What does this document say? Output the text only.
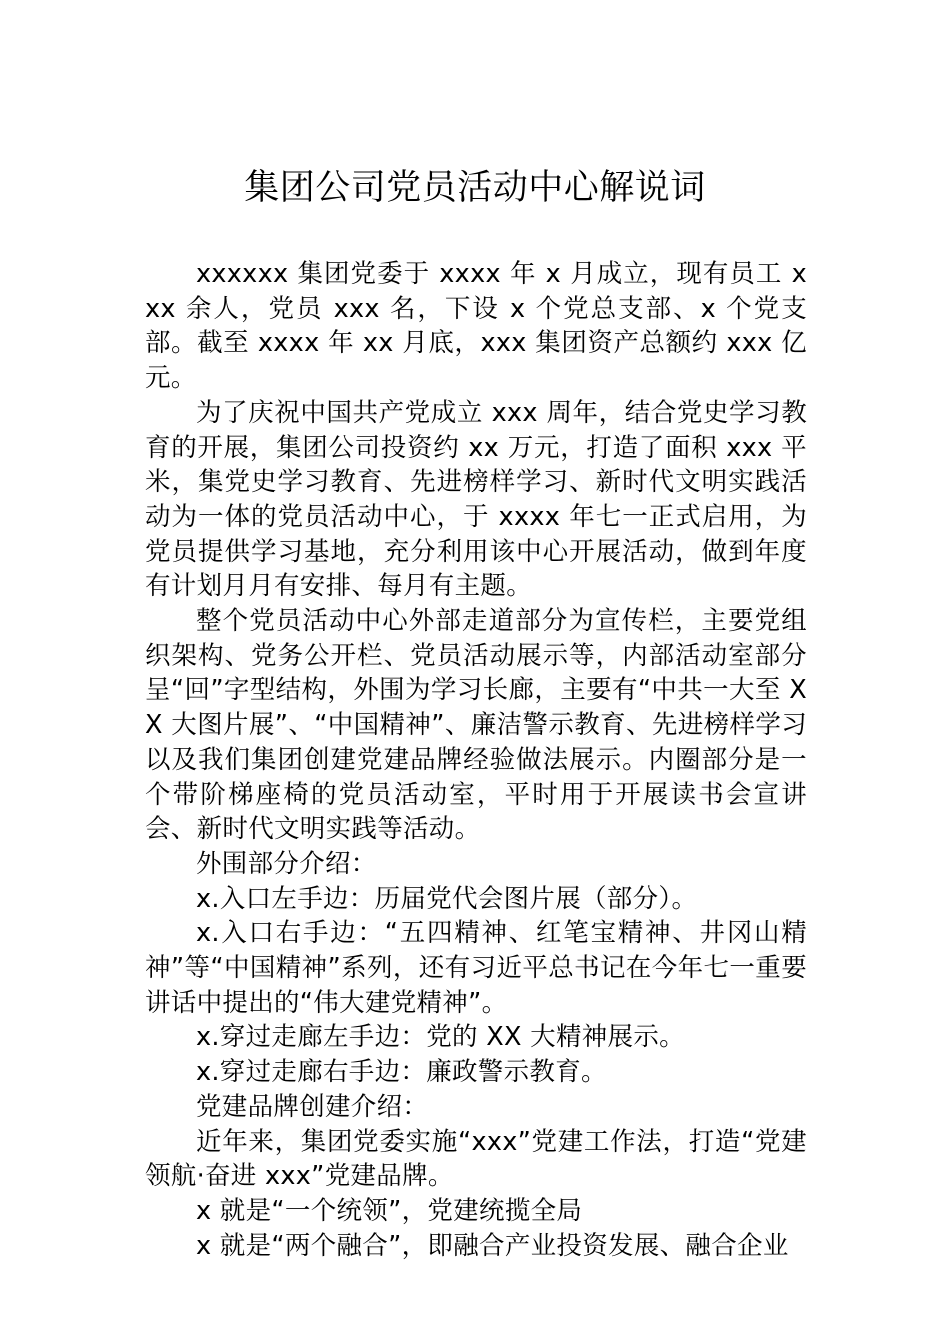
集团公司党员活动中心解说词

xxxxxx 集团党委于 xxxx 年 x 月成立，现有员工 xxx 余人，党员 xxx 名，下设 x 个党总支部、x 个党支部。截至 xxxx 年 xx 月底，xxx 集团资产总额约 xxx 亿元。

为了庆祝中国共产党成立 xxx 周年，结合党史学习教育的开展，集团公司投资约 xx 万元，打造了面积 xxx 平米，集党史学习教育、先进榜样学习、新时代文明实践活动为一体的党员活动中心，于 xxxx 年七一正式启用，为党员提供学习基地，充分利用该中心开展活动，做到年度有计划月月有安排、每月有主题。

整个党员活动中心外部走道部分为宣传栏，主要党组织架构、党务公开栏、党员活动展示等，内部活动室部分呈“回”字型结构，外围为学习长廊，主要有“中共一大至 XX 大图片展”、“中国精神”、廉洁警示教育、先进榜样学习以及我们集团创建党建品牌经验做法展示。内圈部分是一个带阶梯座椅的党员活动室，平时用于开展读书会宣讲会、新时代文明实践等活动。

外围部分介绍：

x.入口左手边：历届党代会图片展（部分）。

x.入口右手边：“五四精神、红笔宝精神、井冈山精神”等“中国精神”系列，还有习近平总书记在今年七一重要讲话中提出的“伟大建党精神”。

x.穿过走廊左手边：党的 XX 大精神展示。

x.穿过走廊右手边：廉政警示教育。

党建品牌创建介绍：

近年来，集团党委实施“xxx”党建工作法，打造“党建领航·奋进 xxx”党建品牌。

x 就是“一个统领”，党建统揽全局

x 就是“两个融合”，即融合产业投资发展、融合企业
